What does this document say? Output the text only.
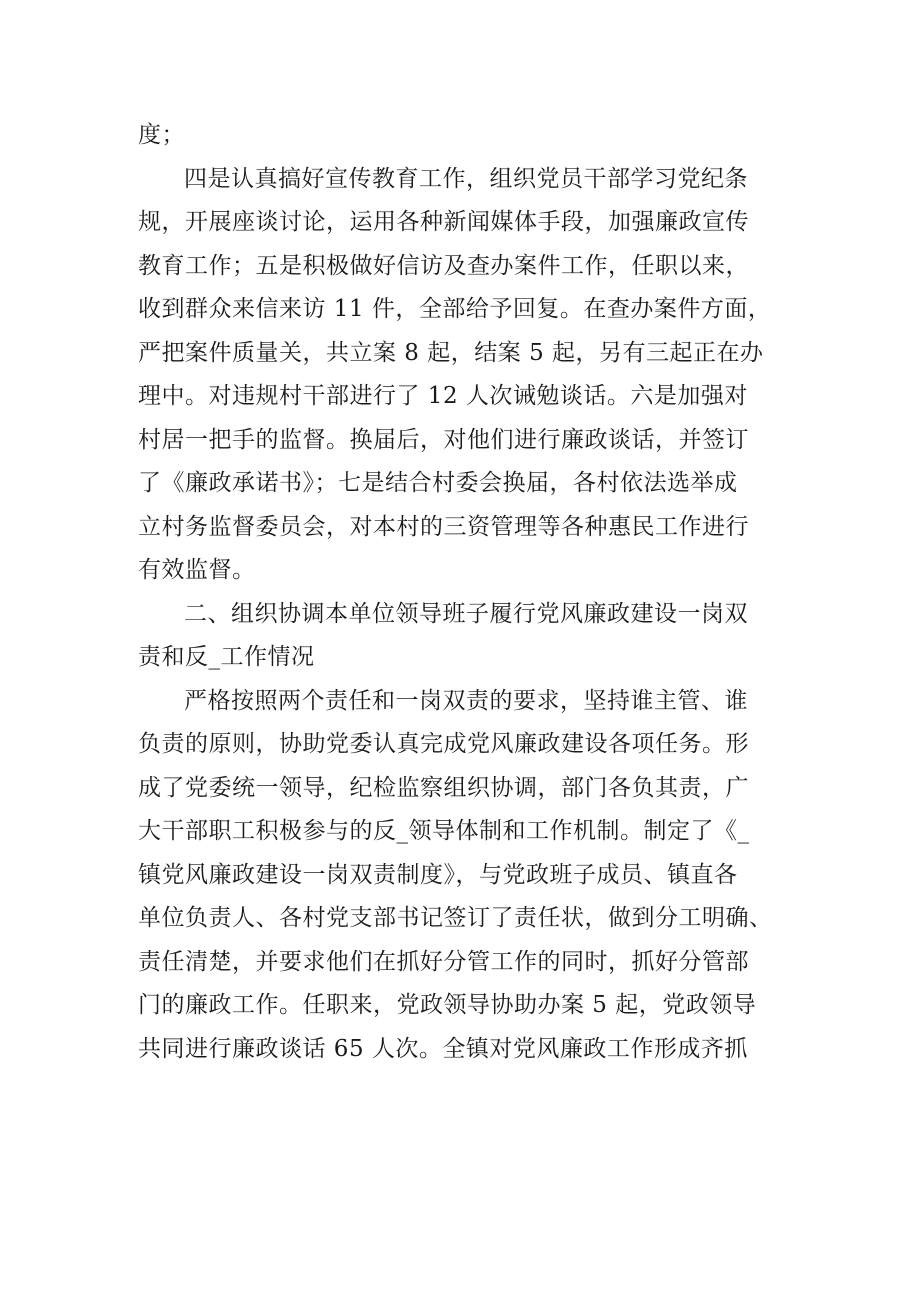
度；
四是认真搞好宣传教育工作，组织党员干部学习党纪条
规，开展座谈讨论，运用各种新闻媒体手段，加强廉政宣传
教育工作；五是积极做好信访及查办案件工作，任职以来，
收到群众来信来访 11 件，全部给予回复。在查办案件方面，
严把案件质量关，共立案 8 起，结案 5 起，另有三起正在办
理中。对违规村干部进行了 12 人次诫勉谈话。六是加强对
村居一把手的监督。换届后，对他们进行廉政谈话，并签订
了《廉政承诺书》；七是结合村委会换届，各村依法选举成
立村务监督委员会，对本村的三资管理等各种惠民工作进行
有效监督。
二、组织协调本单位领导班子履行党风廉政建设一岗双
责和反_工作情况
严格按照两个责任和一岗双责的要求，坚持谁主管、谁
负责的原则，协助党委认真完成党风廉政建设各项任务。形
成了党委统一领导，纪检监察组织协调，部门各负其责，广
大干部职工积极参与的反_领导体制和工作机制。制定了《_
镇党风廉政建设一岗双责制度》，与党政班子成员、镇直各
单位负责人、各村党支部书记签订了责任状，做到分工明确、
责任清楚，并要求他们在抓好分管工作的同时，抓好分管部
门的廉政工作。任职来，党政领导协助办案 5 起，党政领导
共同进行廉政谈话 65 人次。全镇对党风廉政工作形成齐抓
